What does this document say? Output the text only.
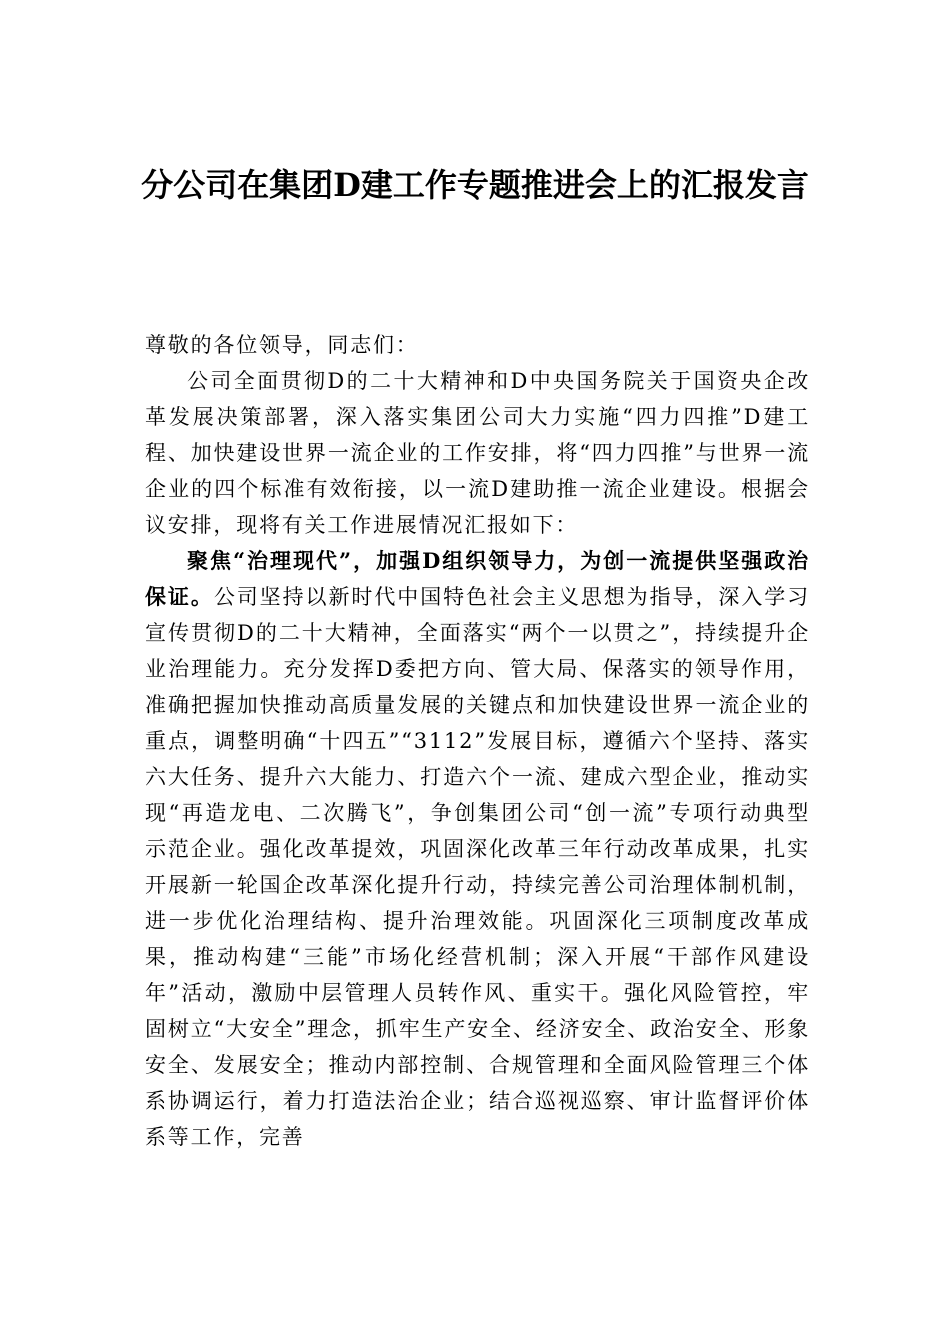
分公司在集团D建工作专题推进会上的汇报发言

尊敬的各位领导，同志们：

公司全面贯彻D的二十大精神和D中央国务院关于国资央企改革发展决策部署，深入落实集团公司大力实施“四力四推”D建工程、加快建设世界一流企业的工作安排，将“四力四推”与世界一流企业的四个标准有效衔接，以一流D建助推一流企业建设。根据会议安排，现将有关工作进展情况汇报如下：

聚焦“治理现代”，加强D组织领导力，为创一流提供坚强政治保证。公司坚持以新时代中国特色社会主义思想为指导，深入学习宣传贯彻D的二十大精神，全面落实“两个一以贯之”，持续提升企业治理能力。充分发挥D委把方向、管大局、保落实的领导作用，准确把握加快推动高质量发展的关键点和加快建设世界一流企业的重点，调整明确“十四五”“3112”发展目标，遵循六个坚持、落实六大任务、提升六大能力、打造六个一流、建成六型企业，推动实现“再造龙电、二次腾飞”，争创集团公司“创一流”专项行动典型示范企业。强化改革提效，巩固深化改革三年行动改革成果，扎实开展新一轮国企改革深化提升行动，持续完善公司治理体制机制，进一步优化治理结构、提升治理效能。巩固深化三项制度改革成果，推动构建“三能”市场化经营机制；深入开展“干部作风建设年”活动，激励中层管理人员转作风、重实干。强化风险管控，牢固树立“大安全”理念，抓牢生产安全、经济安全、政治安全、形象安全、发展安全；推动内部控制、合规管理和全面风险管理三个体系协调运行，着力打造法治企业；结合巡视巡察、审计监督评价体系等工作，完善
